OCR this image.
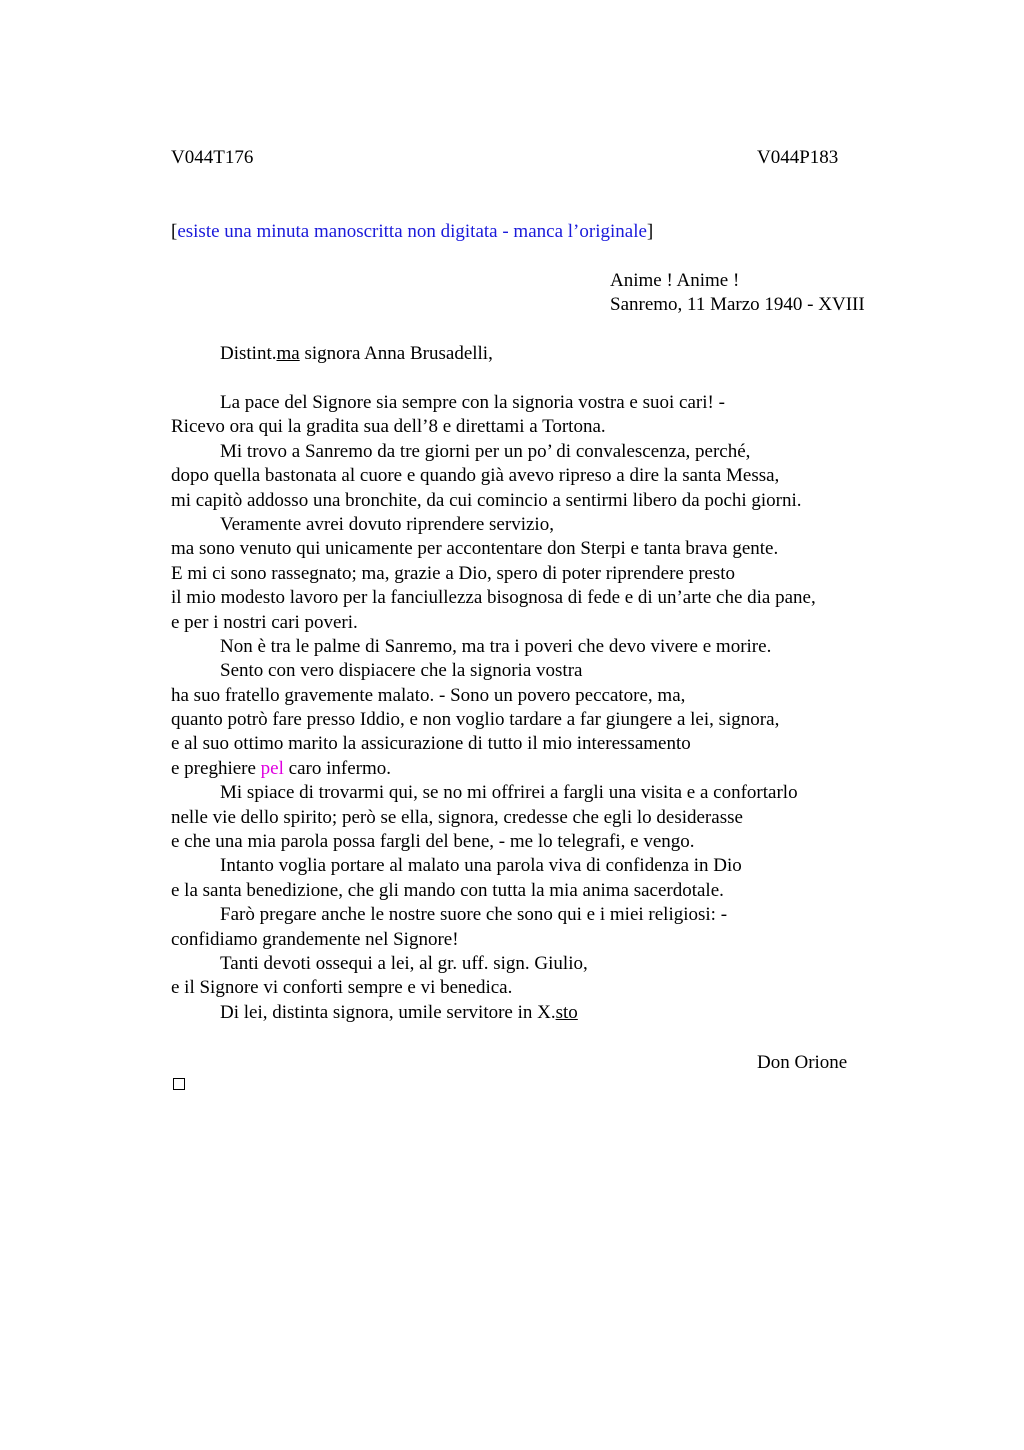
V044T176	V044P183
[esiste una minuta manoscritta non digitata - manca l’originale]
Anime ! Anime !
Sanremo, 11 Marzo 1940 - XVIII
Distint.ma signora Anna Brusadelli,
La pace del Signore sia sempre con la signoria vostra e suoi cari! -
Ricevo ora qui la gradita sua dell’8 e direttami a Tortona.
Mi trovo a Sanremo da tre giorni per un po’ di convalescenza, perché,
dopo quella bastonata al cuore e quando già avevo ripreso a dire la santa Messa,
mi capitò addosso una bronchite, da cui comincio a sentirmi libero da pochi giorni.
Veramente avrei dovuto riprendere servizio,
ma sono venuto qui unicamente per accontentare don Sterpi e tanta brava gente.
E mi ci sono rassegnato; ma, grazie a Dio, spero di poter riprendere presto
il mio modesto lavoro per la fanciullezza bisognosa di fede e di un’arte che dia pane,
e per i nostri cari poveri.
Non è tra le palme di Sanremo, ma tra i poveri che devo vivere e morire.
Sento con vero dispiacere che la signoria vostra
ha suo fratello gravemente malato. - Sono un povero peccatore, ma,
quanto potrò fare presso Iddio, e non voglio tardare a far giungere a lei, signora,
e al suo ottimo marito la assicurazione di tutto il mio interessamento
e preghiere pel caro infermo.
Mi spiace di trovarmi qui, se no mi offrirei a fargli una visita e a confortarlo
nelle vie dello spirito; però se ella, signora, credesse che egli lo desiderasse
e che una mia parola possa fargli del bene, - me lo telegrafi, e vengo.
Intanto voglia portare al malato una parola viva di confidenza in Dio
e la santa benedizione, che gli mando con tutta la mia anima sacerdotale.
Farò pregare anche le nostre suore che sono qui e i miei religiosi: -
confidiamo grandemente nel Signore!
Tanti devoti ossequi a lei, al gr. uff. sign. Giulio,
e il Signore vi conforti sempre e vi benedica.
Di lei, distinta signora, umile servitore in X.sto
Don Orione
